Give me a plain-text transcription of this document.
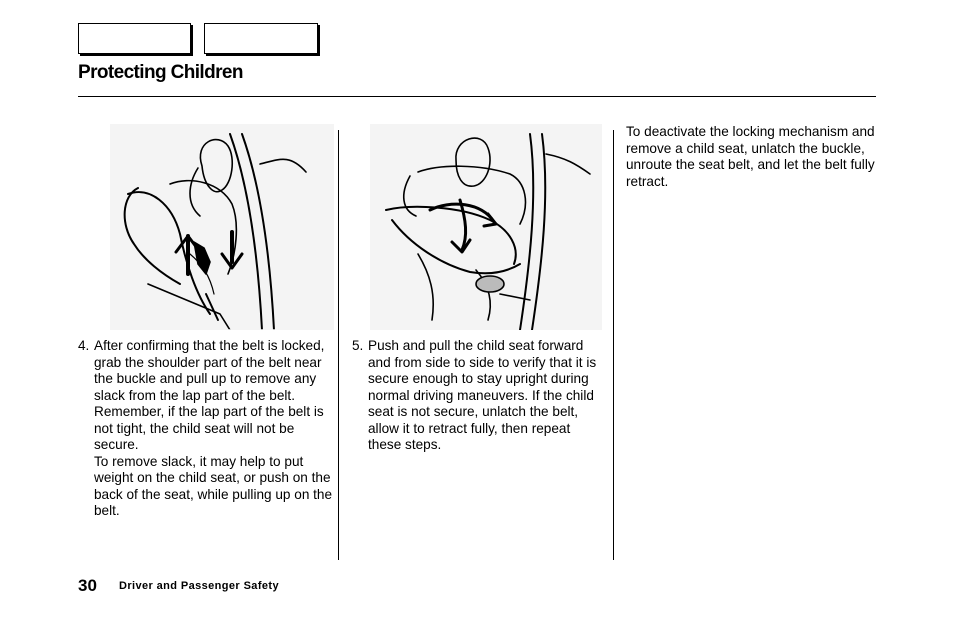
Protecting Children
4. After confirming that the belt is locked, grab the shoulder part of the belt near the buckle and pull up to remove any slack from the lap part of the belt. Remember, if the lap part of the belt is not tight, the child seat will not be secure.
To remove slack, it may help to put weight on the child seat, or push on the back of the seat, while pulling up on the belt.
5. Push and pull the child seat forward and from side to side to verify that it is secure enough to stay upright during normal driving maneuvers. If the child seat is not secure, unlatch the belt, allow it to retract fully, then repeat these steps.

To deactivate the locking mechanism and remove a child seat, unlatch the buckle, unroute the seat belt, and let the belt fully retract.

30 Driver and Passenger Safety
